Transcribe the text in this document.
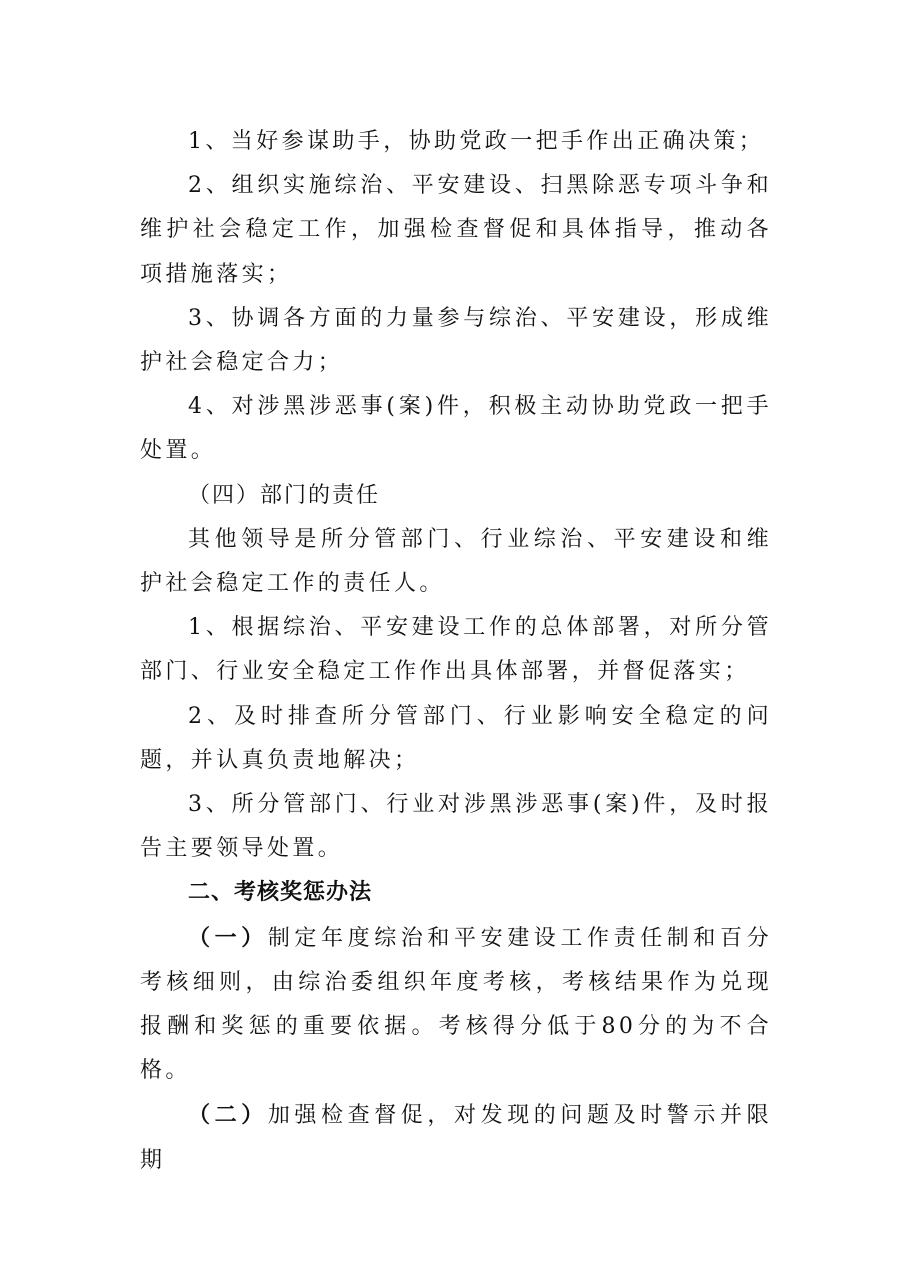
1、当好参谋助手，协助党政一把手作出正确决策；

2、组织实施综治、平安建设、扫黑除恶专项斗争和维护社会稳定工作，加强检查督促和具体指导，推动各项措施落实；

3、协调各方面的力量参与综治、平安建设，形成维护社会稳定合力；

4、对涉黑涉恶事(案)件，积极主动协助党政一把手处置。

（四）部门的责任

其他领导是所分管部门、行业综治、平安建设和维护社会稳定工作的责任人。

1、根据综治、平安建设工作的总体部署，对所分管部门、行业安全稳定工作作出具体部署，并督促落实；

2、及时排查所分管部门、行业影响安全稳定的问题，并认真负责地解决；

3、所分管部门、行业对涉黑涉恶事(案)件，及时报告主要领导处置。

二、考核奖惩办法

（一）制定年度综治和平安建设工作责任制和百分考核细则，由综治委组织年度考核，考核结果作为兑现报酬和奖惩的重要依据。考核得分低于80分的为不合格。

（二）加强检查督促，对发现的问题及时警示并限期
